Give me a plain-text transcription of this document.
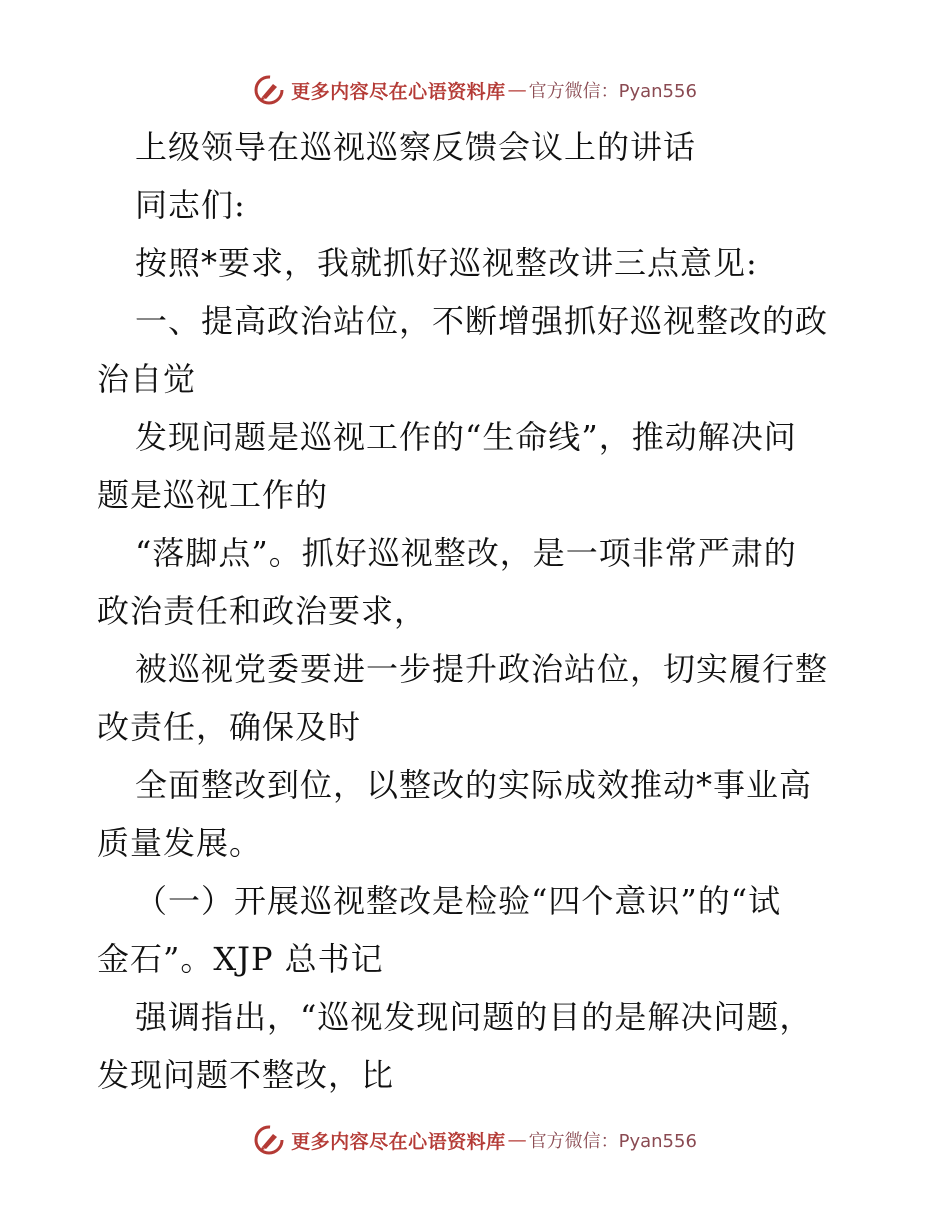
更多内容尽在心语资料库 — 官方微信：Pyan556
上级领导在巡视巡察反馈会议上的讲话
同志们:
按照*要求，我就抓好巡视整改讲三点意见:
一、提高政治站位，不断增强抓好巡视整改的政
治自觉
发现问题是巡视工作的“生命线”，推动解决问
题是巡视工作的
“落脚点”。抓好巡视整改，是一项非常严肃的
政治责任和政治要求，
被巡视党委要进一步提升政治站位，切实履行整
改责任，确保及时
全面整改到位，以整改的实际成效推动*事业高
质量发展。
（一）开展巡视整改是检验“四个意识”的“试
金石”。XJP 总书记
强调指出，“巡视发现问题的目的是解决问题，
发现问题不整改，比
更多内容尽在心语资料库 — 官方微信：Pyan556
